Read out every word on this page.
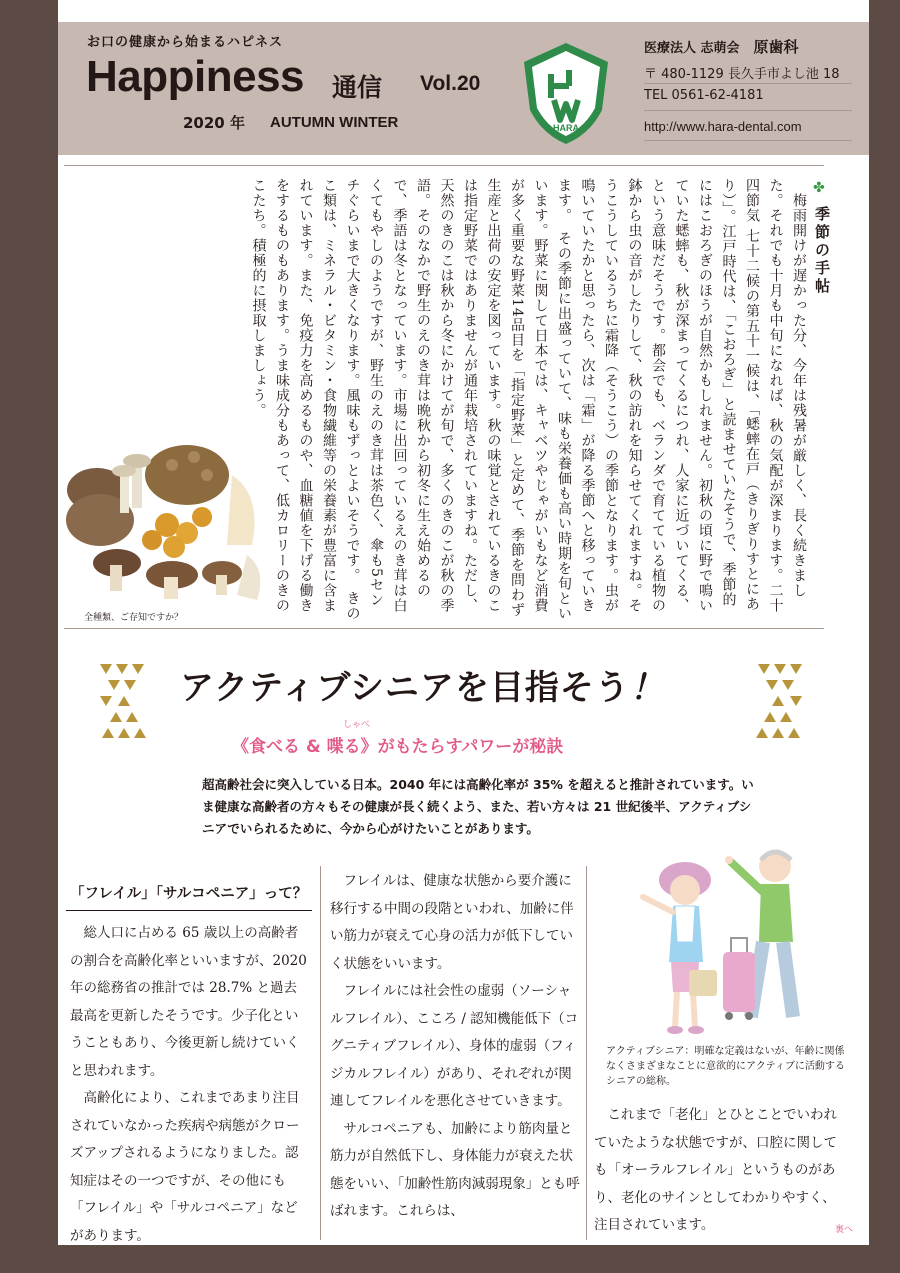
お口の健康から始まるハピネス
Happiness 通信 Vol.20
2020 年 AUTUMN WINTER	HARA
医療法人 志萌会 原歯科
〒 480-1129 長久手市よし池 18
TEL 0561-62-4181
http://www.hara-dental.com
✤
季節の手帖
　梅雨開けが遅かった分、今年は残暑が厳しく、長く続きました。それでも十月も中旬になれば、秋の気配が深まります。二十四節気 七十二候の第五十一候は、「蟋蟀在戸（きりぎりすとにあり）」。江戸時代は、「こおろぎ」と読ませていたそうで、季節的にはこおろぎのほうが自然かもしれません。初秋の頃に野で鳴いていた蟋蟀も、秋が深まってくるにつれ、人家に近づいてくる、という意味だそうです。都会でも、ベランダで育てている植物の鉢から虫の音がしたりして、秋の訪れを知らせてくれますね。そうこうしているうちに霜降（そうこう）の季節となります。虫が鳴いていたかと思ったら、次は「霜」が降る季節へと移っていきます。　その季節に出盛っていて、味も栄養価も高い時期を旬といいます。野菜に関して日本では、キャベツやじゃがいもなど消費が多く重要な野菜14品目を「指定野菜」と定めて、季節を問わず生産と出荷の安定を図っています。秋の味覚とされているきのこは指定野菜ではありませんが通年栽培されていますね。ただし、天然のきのこは秋から冬にかけてが旬で、多くのきのこが秋の季語。そのなかで野生のえのき茸は晩秋から初冬に生え始めるので、季語は冬となっています。市場に出回っているえのき茸は白くてもやしのようですが、野生のえのき茸は茶色く、傘も5センチぐらいまで大きくなります。風味もずっとよいそうです。　きのこ類は、ミネラル・ビタミン・食物繊維等の栄養素が豊富に含まれています。また、免疫力を高めるものや、血糖値を下げる働きをするものもあります。うま味成分もあって、低カロリーのきのこたち。積極的に摂取しましょう。
全種類、ご存知ですか？
アクティブシニアを目指そう！
しゃべ
《食べる & 喋る》がもたらすパワーが秘訣
超高齢社会に突入している日本。2040 年には高齢化率が 35% を超えると推計されています。いま健康な高齢者の方々もその健康が長く続くよう、また、若い方々は 21 世紀後半、アクティブシニアでいられるために、今から心がけたいことがあります。
「フレイル」「サルコペニア」って？

総人口に占める 65 歳以上の高齢者の割合を高齢化率といいますが、2020 年の総務省の推計では 28.7% と過去最高を更新したそうです。少子化ということもあり、今後更新し続けていくと思われます。

高齢化により、これまであまり注目されていなかった疾病や病態がクローズアップされるようになりました。認知症はその一つですが、その他にも「フレイル」や「サルコペニア」などがあります。

フレイルは、健康な状態から要介護に移行する中間の段階といわれ、加齢に伴い筋力が衰えて心身の活力が低下していく状態をいいます。

フレイルには社会性の虚弱（ソーシャルフレイル）、こころ / 認知機能低下（コグニティブフレイル）、身体的虚弱（フィジカルフレイル）があり、それぞれが関連してフレイルを悪化させていきます。

サルコペニアも、加齢により筋肉量と筋力が自然低下し、身体能力が衰えた状態をいい、「加齢性筋肉減弱現象」とも呼ばれます。これらは、

アクティブシニア：明確な定義はないが、年齢に関係なくさまざまなことに意欲的にアクティブに活動するシニアの総称。

これまで「老化」とひとことでいわれていたような状態ですが、口腔に関しても「オーラルフレイル」というものがあり、老化のサインとしてわかりやすく、注目されています。	裏へ
